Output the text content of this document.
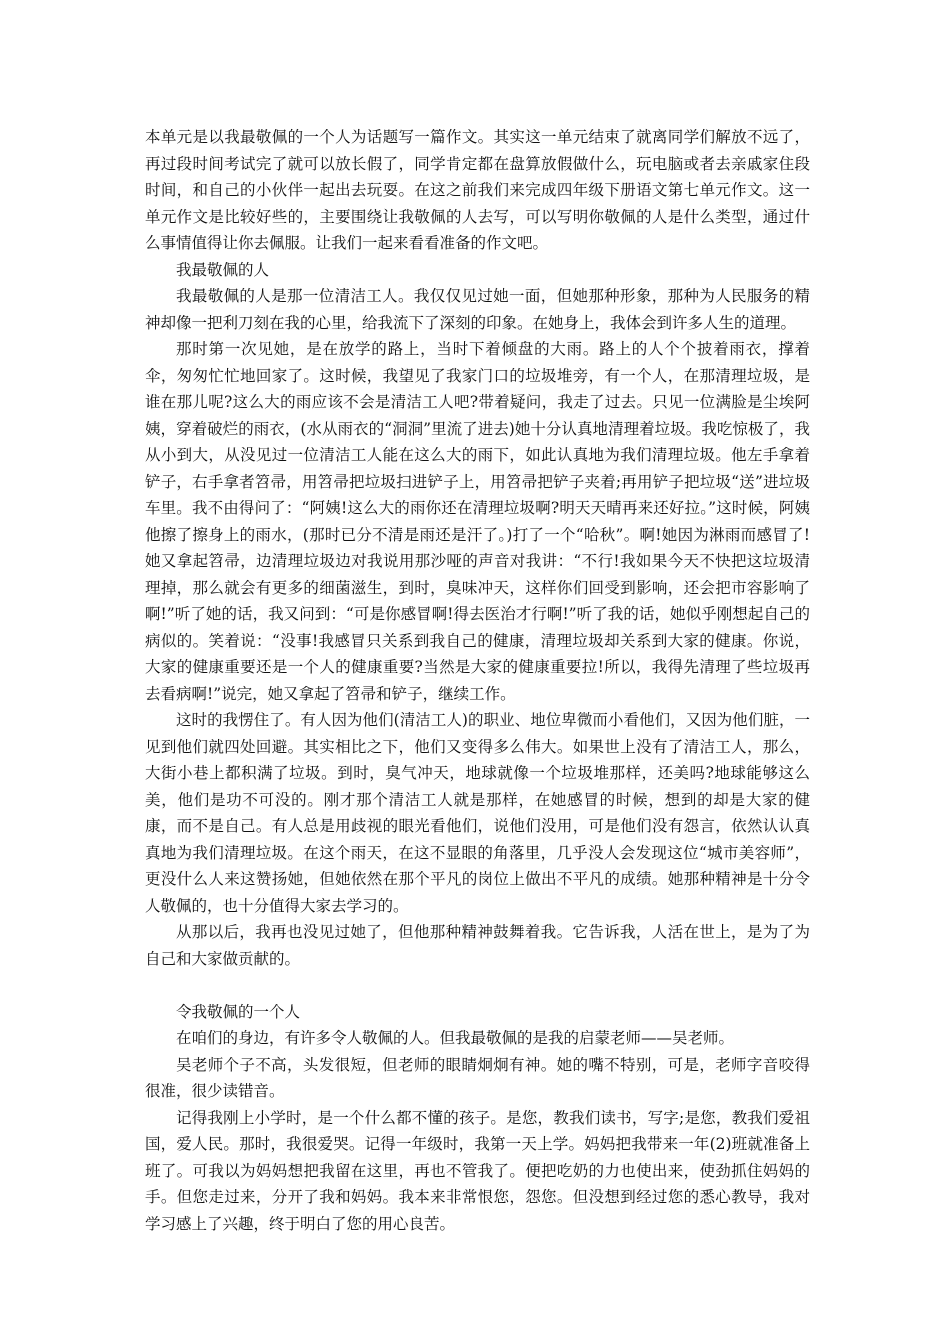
本单元是以我最敬佩的一个人为话题写一篇作文。其实这一单元结束了就离同学们解放不远了，再过段时间考试完了就可以放长假了，同学肯定都在盘算放假做什么，玩电脑或者去亲戚家住段时间，和自己的小伙伴一起出去玩耍。在这之前我们来完成四年级下册语文第七单元作文。这一单元作文是比较好些的，主要围绕让我敬佩的人去写，可以写明你敬佩的人是什么类型，通过什么事情值得让你去佩服。让我们一起来看看准备的作文吧。

我最敬佩的人

我最敬佩的人是那一位清洁工人。我仅仅见过她一面，但她那种形象，那种为人民服务的精神却像一把利刀刻在我的心里，给我流下了深刻的印象。在她身上，我体会到许多人生的道理。

那时第一次见她，是在放学的路上，当时下着倾盘的大雨。路上的人个个披着雨衣，撑着伞，匆匆忙忙地回家了。这时候，我望见了我家门口的垃圾堆旁，有一个人，在那清理垃圾，是谁在那儿呢?这么大的雨应该不会是清洁工人吧?带着疑问，我走了过去。只见一位满脸是尘埃阿姨，穿着破烂的雨衣，(水从雨衣的“洞洞”里流了进去)她十分认真地清理着垃圾。我吃惊极了，我从小到大，从没见过一位清洁工人能在这么大的雨下，如此认真地为我们清理垃圾。他左手拿着铲子，右手拿者笤帚，用笤帚把垃圾扫进铲子上，用笤帚把铲子夹着;再用铲子把垃圾“送”进垃圾车里。我不由得问了：“阿姨!这么大的雨你还在清理垃圾啊?明天天晴再来还好拉。”这时候，阿姨他擦了擦身上的雨水，(那时已分不清是雨还是汗了。)打了一个“哈秋”。啊!她因为淋雨而感冒了!她又拿起笤帚，边清理垃圾边对我说用那沙哑的声音对我讲：“不行!我如果今天不快把这垃圾清理掉，那么就会有更多的细菌滋生，到时，臭味冲天，这样你们回受到影响，还会把市容影响了啊!”听了她的话，我又问到：“可是你感冒啊!得去医治才行啊!”听了我的话，她似乎刚想起自己的病似的。笑着说：“没事!我感冒只关系到我自己的健康，清理垃圾却关系到大家的健康。你说，大家的健康重要还是一个人的健康重要?当然是大家的健康重要拉!所以，我得先清理了些垃圾再去看病啊!”说完，她又拿起了笤帚和铲子，继续工作。

这时的我愣住了。有人因为他们(清洁工人)的职业、地位卑微而小看他们，又因为他们脏，一见到他们就四处回避。其实相比之下，他们又变得多么伟大。如果世上没有了清洁工人，那么，大街小巷上都积满了垃圾。到时，臭气冲天，地球就像一个垃圾堆那样，还美吗?地球能够这么美，他们是功不可没的。刚才那个清洁工人就是那样，在她感冒的时候，想到的却是大家的健康，而不是自己。有人总是用歧视的眼光看他们，说他们没用，可是他们没有怨言，依然认认真真地为我们清理垃圾。在这个雨天，在这不显眼的角落里，几乎没人会发现这位“城市美容师”，更没什么人来这赞扬她，但她依然在那个平凡的岗位上做出不平凡的成绩。她那种精神是十分令人敬佩的，也十分值得大家去学习的。

从那以后，我再也没见过她了，但他那种精神鼓舞着我。它告诉我，人活在世上，是为了为自己和大家做贡献的。

令我敬佩的一个人

在咱们的身边，有许多令人敬佩的人。但我最敬佩的是我的启蒙老师——吴老师。

吴老师个子不高，头发很短，但老师的眼睛炯炯有神。她的嘴不特别，可是，老师字音咬得很准，很少读错音。

记得我刚上小学时，是一个什么都不懂的孩子。是您，教我们读书，写字;是您，教我们爱祖国，爱人民。那时，我很爱哭。记得一年级时，我第一天上学。妈妈把我带来一年(2)班就准备上班了。可我以为妈妈想把我留在这里，再也不管我了。便把吃奶的力也使出来，使劲抓住妈妈的手。但您走过来，分开了我和妈妈。我本来非常恨您，怨您。但没想到经过您的悉心教导，我对学习感上了兴趣，终于明白了您的用心良苦。
